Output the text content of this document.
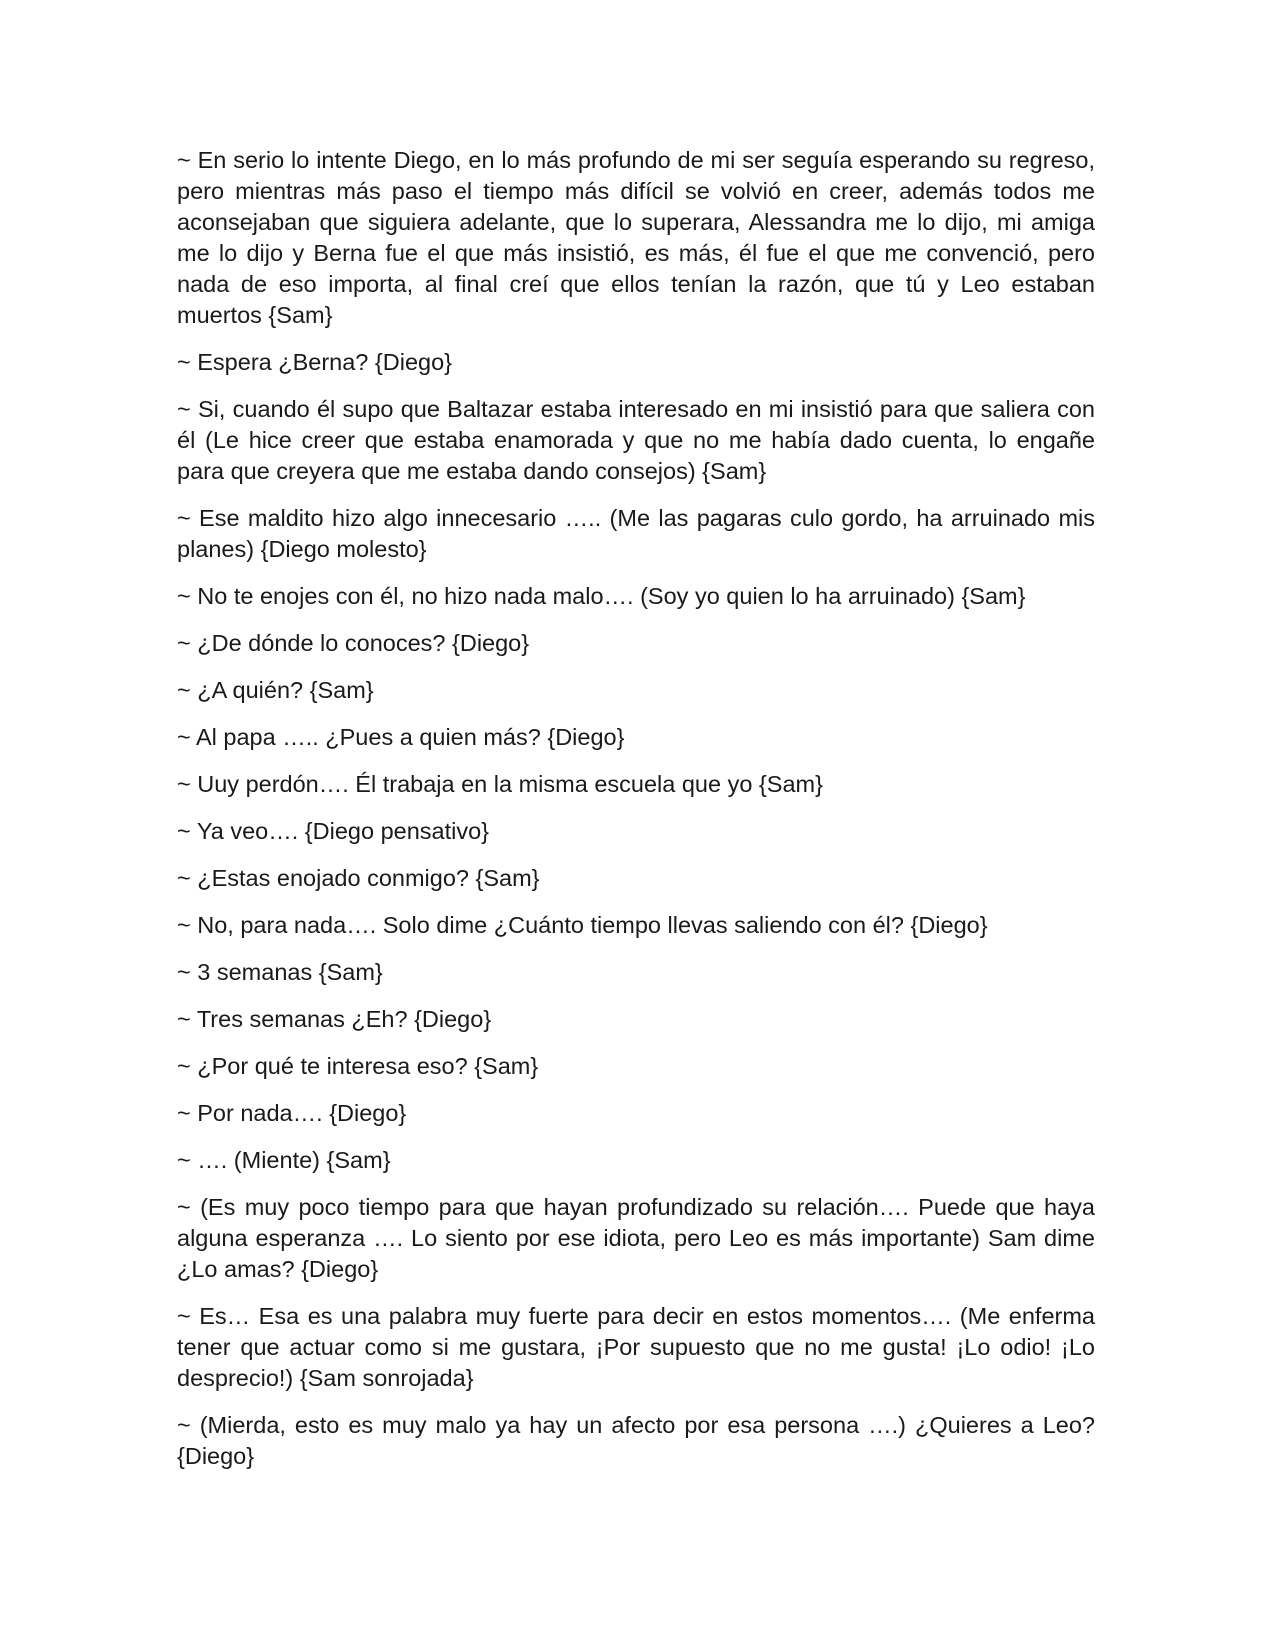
~ En serio lo intente Diego, en lo más profundo de mi ser seguía esperando su regreso, pero mientras más paso el tiempo más difícil se volvió en creer, además todos me aconsejaban que siguiera adelante, que lo superara, Alessandra me lo dijo, mi amiga me lo dijo y Berna fue el que más insistió, es más, él fue el que me convenció, pero nada de eso importa, al final creí que ellos tenían la razón, que tú y Leo estaban muertos {Sam}

~ Espera ¿Berna? {Diego}

~ Si, cuando él supo que Baltazar estaba interesado en mi insistió para que saliera con él (Le hice creer que estaba enamorada y que no me había dado cuenta, lo engañe para que creyera que me estaba dando consejos) {Sam}

~ Ese maldito hizo algo innecesario ….. (Me las pagaras culo gordo, ha arruinado mis planes) {Diego molesto}

~ No te enojes con él, no hizo nada malo…. (Soy yo quien lo ha arruinado) {Sam}

~ ¿De dónde lo conoces? {Diego}

~ ¿A quién? {Sam}

~ Al papa ….. ¿Pues a quien más? {Diego}

~ Uuy perdón…. Él trabaja en la misma escuela que yo {Sam}

~ Ya veo…. {Diego pensativo}

~ ¿Estas enojado conmigo? {Sam}

~ No, para nada…. Solo dime ¿Cuánto tiempo llevas saliendo con él? {Diego}

~ 3 semanas {Sam}

~ Tres semanas ¿Eh? {Diego}

~ ¿Por qué te interesa eso? {Sam}

~ Por nada…. {Diego}

~ …. (Miente) {Sam}

~ (Es muy poco tiempo para que hayan profundizado su relación…. Puede que haya alguna esperanza …. Lo siento por ese idiota, pero Leo es más importante) Sam dime ¿Lo amas? {Diego}

~ Es… Esa es una palabra muy fuerte para decir en estos momentos…. (Me enferma tener que actuar como si me gustara, ¡Por supuesto que no me gusta! ¡Lo odio! ¡Lo desprecio!) {Sam sonrojada}

~ (Mierda, esto es muy malo ya hay un afecto por esa persona ….) ¿Quieres a Leo? {Diego}
